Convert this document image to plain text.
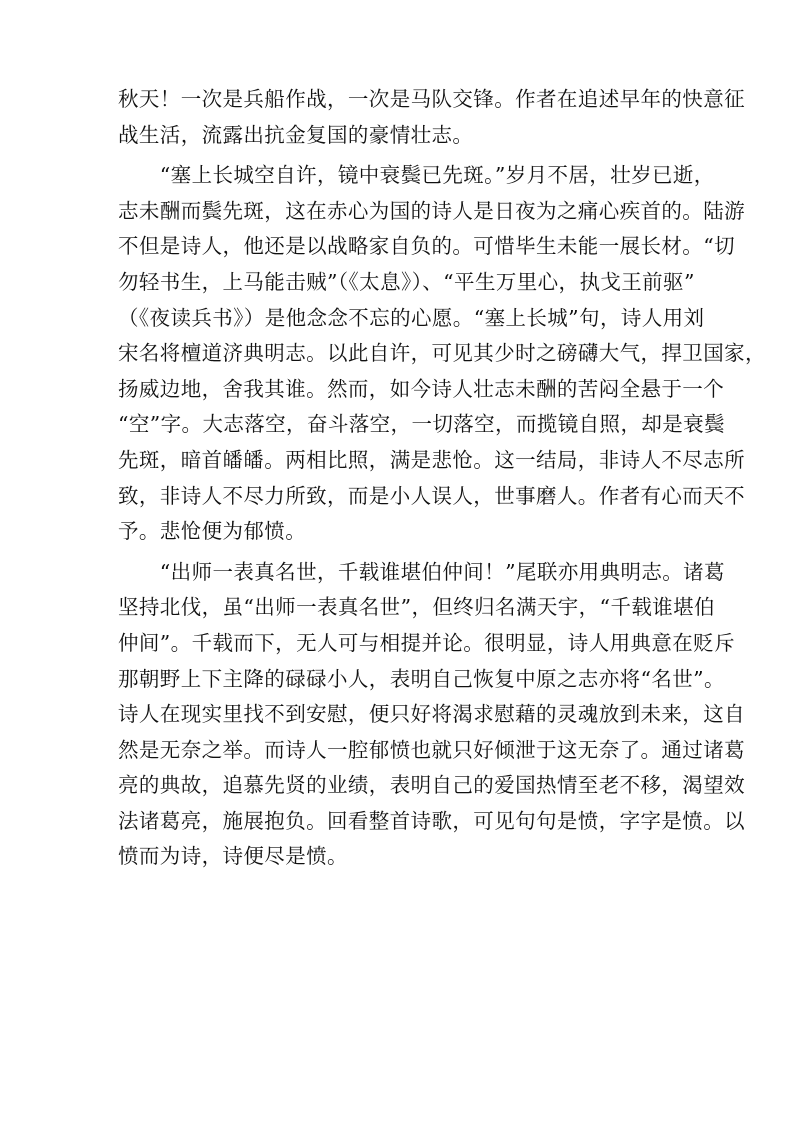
秋天！一次是兵船作战，一次是马队交锋。作者在追述早年的快意征
战生活，流露出抗金复国的豪情壮志。
　　“塞上长城空自许，镜中衰鬓已先斑。”岁月不居，壮岁已逝，
志未酬而鬓先斑，这在赤心为国的诗人是日夜为之痛心疾首的。陆游
不但是诗人，他还是以战略家自负的。可惜毕生未能一展长材。“切
勿轻书生，上马能击贼”（《太息》）、“平生万里心，执戈王前驱”
（《夜读兵书》）是他念念不忘的心愿。“塞上长城”句，诗人用刘
宋名将檀道济典明志。以此自许，可见其少时之磅礴大气，捍卫国家，
扬威边地，舍我其谁。然而，如今诗人壮志未酬的苦闷全悬于一个
“空”字。大志落空，奋斗落空，一切落空，而揽镜自照，却是衰鬓
先斑，暗首皤皤。两相比照，满是悲怆。这一结局，非诗人不尽志所
致，非诗人不尽力所致，而是小人误人，世事磨人。作者有心而天不
予。悲怆便为郁愤。
　　“出师一表真名世，千载谁堪伯仲间！”尾联亦用典明志。诸葛
坚持北伐，虽“出师一表真名世”，但终归名满天宇，“千载谁堪伯
仲间”。千载而下，无人可与相提并论。很明显，诗人用典意在贬斥
那朝野上下主降的碌碌小人，表明自己恢复中原之志亦将“名世”。
诗人在现实里找不到安慰，便只好将渴求慰藉的灵魂放到未来，这自
然是无奈之举。而诗人一腔郁愤也就只好倾泄于这无奈了。通过诸葛
亮的典故，追慕先贤的业绩，表明自己的爱国热情至老不移，渴望效
法诸葛亮，施展抱负。回看整首诗歌，可见句句是愤，字字是愤。以
愤而为诗，诗便尽是愤。
